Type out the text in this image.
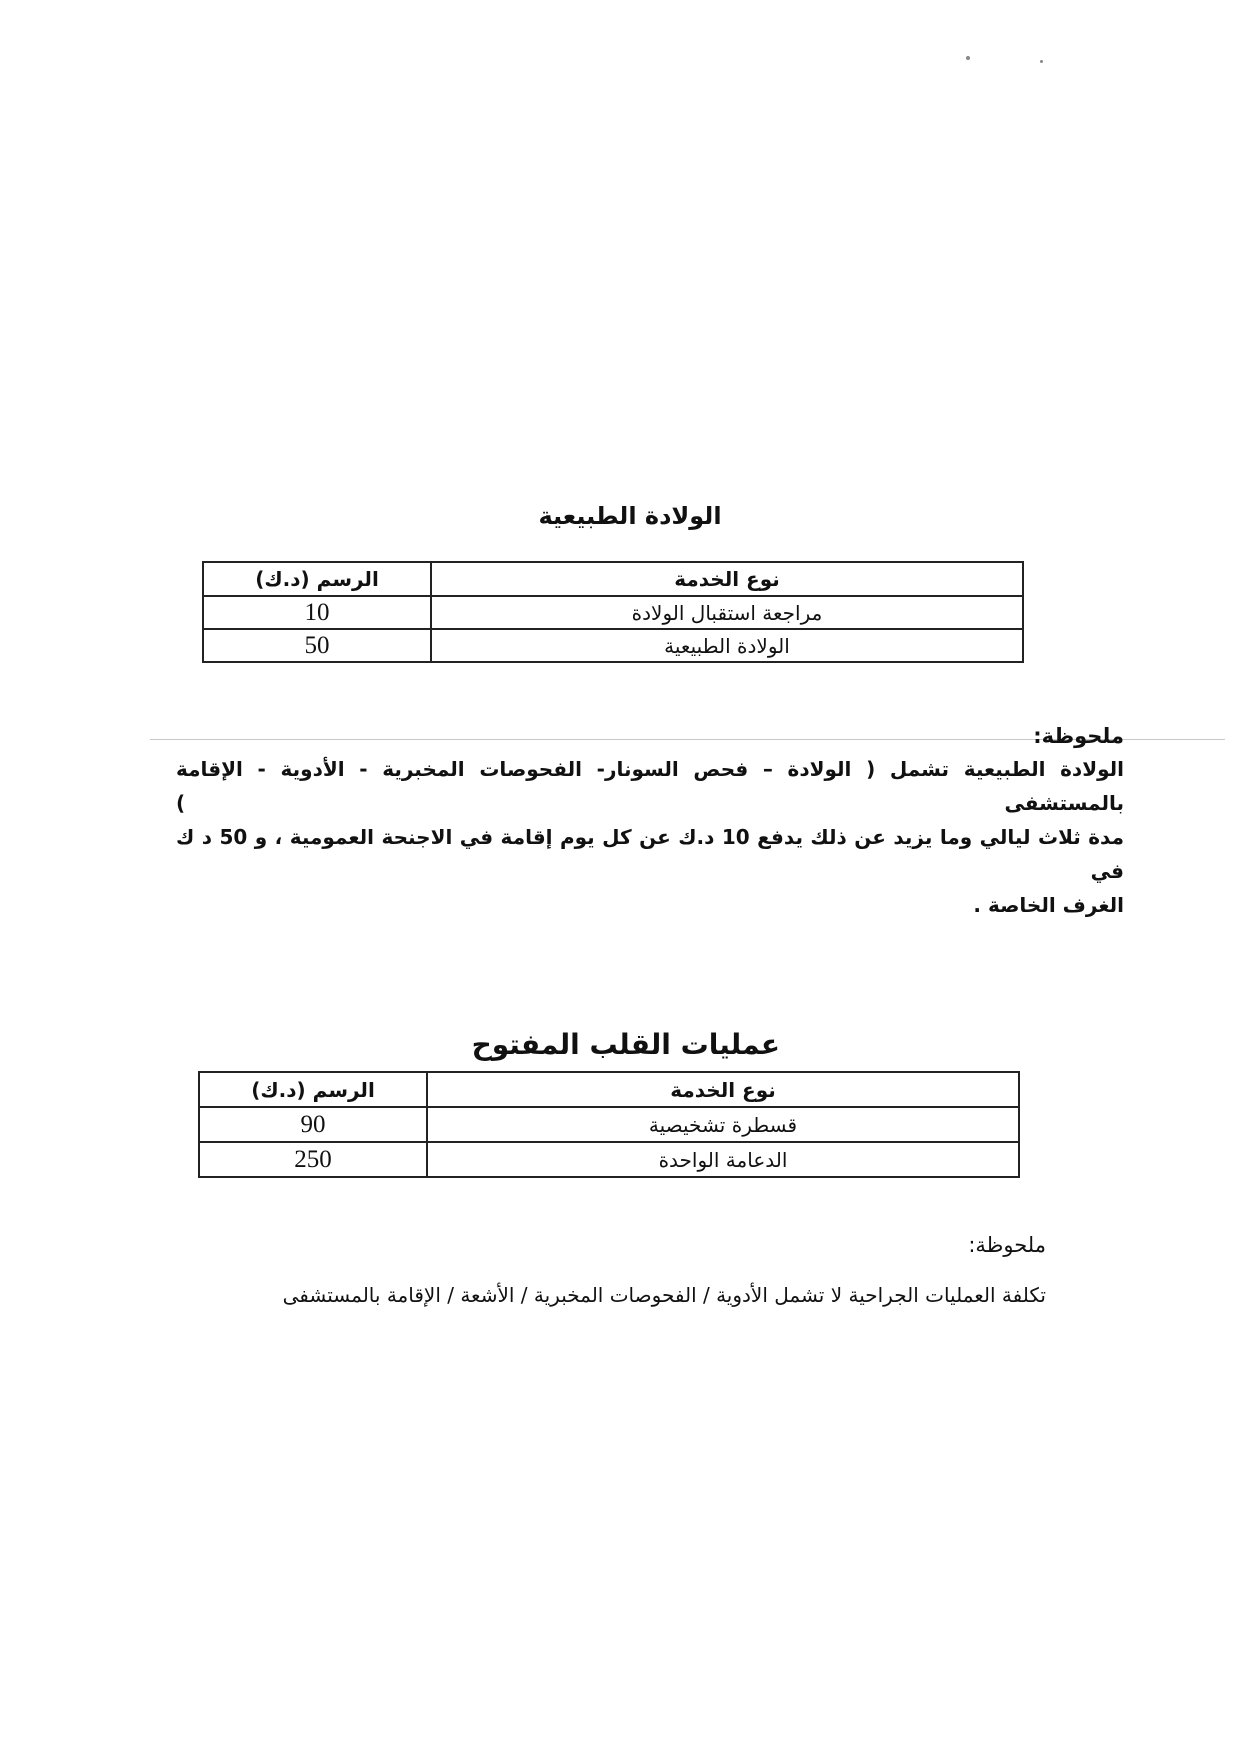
الولادة الطبيعية
نوع الخدمة	الرسم (د.ك)
مراجعة استقبال الولادة	10
الولادة الطبيعية	50
ملحوظة:
الولادة الطبيعية تشمل ( الولادة – فحص السونار- الفحوصات المخبرية - الأدوية - الإقامة بالمستشفى )
مدة ثلاث ليالي وما يزيد عن ذلك يدفع 10 د.ك عن كل يوم إقامة في الاجنحة العمومية ، و 50 د ك في
الغرف الخاصة .
عمليات القلب المفتوح
نوع الخدمة	الرسم (د.ك)
قسطرة تشخيصية	90
الدعامة الواحدة	250
ملحوظة:
تكلفة العمليات الجراحية لا تشمل الأدوية / الفحوصات المخبرية / الأشعة / الإقامة بالمستشفى
